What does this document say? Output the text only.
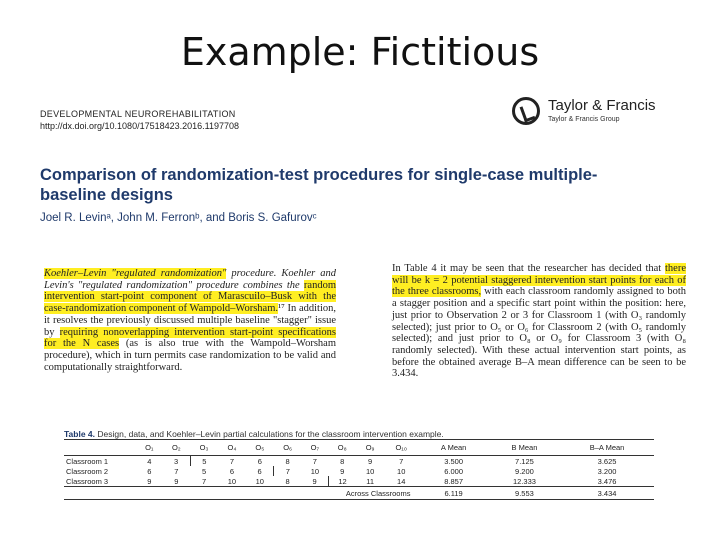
Example: Fictitious
DEVELOPMENTAL NEUROREHABILITATION
http://dx.doi.org/10.1080/17518423.2016.1197708
Taylor & Francis
Taylor & Francis Group
Comparison of randomization-test procedures for single-case multiple-baseline designs
Joel R. Levinᵃ, John M. Ferronᵇ, and Boris S. Gafurovᶜ
Koehler–Levin "regulated randomization" procedure. Koehler and Levin's "regulated randomization" procedure combines the random intervention start-point component of Marascuilo–Busk with the case-randomization component of Wampold–Worsham.¹⁷ In addition, it resolves the previously discussed multiple baseline "stagger" issue by requiring nonoverlapping intervention start-point specifications for the N cases (as is also true with the Wampold–Worsham procedure), which in turn permits case randomization to be valid and computationally straightforward.
In Table 4 it may be seen that the researcher has decided that there will be k = 2 potential staggered intervention start points for each of the three classrooms, with each classroom randomly assigned to both a stagger position and a specific start point within the position: here, just prior to Observation 2 or 3 for Classroom 1 (with O₃ randomly selected); just prior to O₅ or O₆ for Classroom 2 (with O₅ randomly selected); and just prior to O₈ or O₉ for Classroom 3 (with O₈ randomly selected). With these actual intervention start points, as before the obtained average B–A mean difference can be seen to be 3.434.
Table 4. Design, data, and Koehler–Levin partial calculations for the classroom intervention example.
	O₁	O₂	O₃	O₄	O₅	O₆	O₇	O₈	O₉	O₁₀	A Mean	B Mean	B–A Mean
Classroom 1	4	3	5	7	6	8	7	8	9	7	3.500	7.125	3.625
Classroom 2	6	7	5	6	6	7	10	9	10	10	6.000	9.200	3.200
Classroom 3	9	9	7	10	10	8	9	12	11	14	8.857	12.333	3.476
Across Classrooms											6.119	9.553	3.434
